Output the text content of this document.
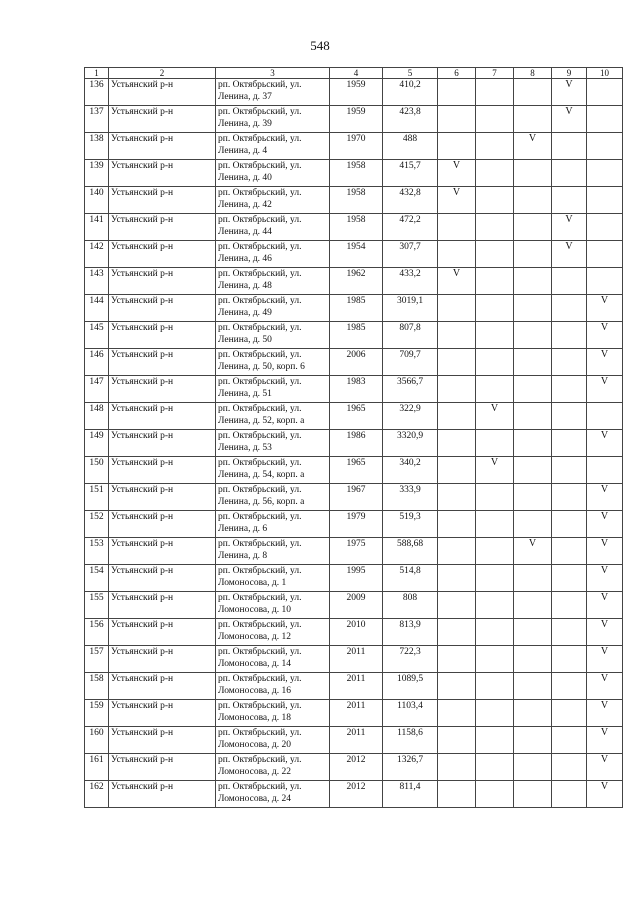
548
1	2	3	4	5	6	7	8	9	10
136	Устьянский р-н	рп. Октябрьский, ул.
Ленина, д. 37	1959	410,2				V	
137	Устьянский р-н	рп. Октябрьский, ул.
Ленина, д. 39	1959	423,8				V	
138	Устьянский р-н	рп. Октябрьский, ул.
Ленина, д. 4	1970	488			V		
139	Устьянский р-н	рп. Октябрьский, ул.
Ленина, д. 40	1958	415,7	V				
140	Устьянский р-н	рп. Октябрьский, ул.
Ленина, д. 42	1958	432,8	V				
141	Устьянский р-н	рп. Октябрьский, ул.
Ленина, д. 44	1958	472,2				V	
142	Устьянский р-н	рп. Октябрьский, ул.
Ленина, д. 46	1954	307,7				V	
143	Устьянский р-н	рп. Октябрьский, ул.
Ленина, д. 48	1962	433,2	V				
144	Устьянский р-н	рп. Октябрьский, ул.
Ленина, д. 49	1985	3019,1					V
145	Устьянский р-н	рп. Октябрьский, ул.
Ленина, д. 50	1985	807,8					V
146	Устьянский р-н	рп. Октябрьский, ул.
Ленина, д. 50, корп. 6	2006	709,7					V
147	Устьянский р-н	рп. Октябрьский, ул.
Ленина, д. 51	1983	3566,7					V
148	Устьянский р-н	рп. Октябрьский, ул.
Ленина, д. 52, корп. а	1965	322,9		V			
149	Устьянский р-н	рп. Октябрьский, ул.
Ленина, д. 53	1986	3320,9					V
150	Устьянский р-н	рп. Октябрьский, ул.
Ленина, д. 54, корп. а	1965	340,2		V			
151	Устьянский р-н	рп. Октябрьский, ул.
Ленина, д. 56, корп. а	1967	333,9					V
152	Устьянский р-н	рп. Октябрьский, ул.
Ленина, д. 6	1979	519,3					V
153	Устьянский р-н	рп. Октябрьский, ул.
Ленина, д. 8	1975	588,68			V		V
154	Устьянский р-н	рп. Октябрьский, ул.
Ломоносова, д. 1	1995	514,8					V
155	Устьянский р-н	рп. Октябрьский, ул.
Ломоносова, д. 10	2009	808					V
156	Устьянский р-н	рп. Октябрьский, ул.
Ломоносова, д. 12	2010	813,9					V
157	Устьянский р-н	рп. Октябрьский, ул.
Ломоносова, д. 14	2011	722,3					V
158	Устьянский р-н	рп. Октябрьский, ул.
Ломоносова, д. 16	2011	1089,5					V
159	Устьянский р-н	рп. Октябрьский, ул.
Ломоносова, д. 18	2011	1103,4					V
160	Устьянский р-н	рп. Октябрьский, ул.
Ломоносова, д. 20	2011	1158,6					V
161	Устьянский р-н	рп. Октябрьский, ул.
Ломоносова, д. 22	2012	1326,7					V
162	Устьянский р-н	рп. Октябрьский, ул.
Ломоносова, д. 24	2012	811,4					V
